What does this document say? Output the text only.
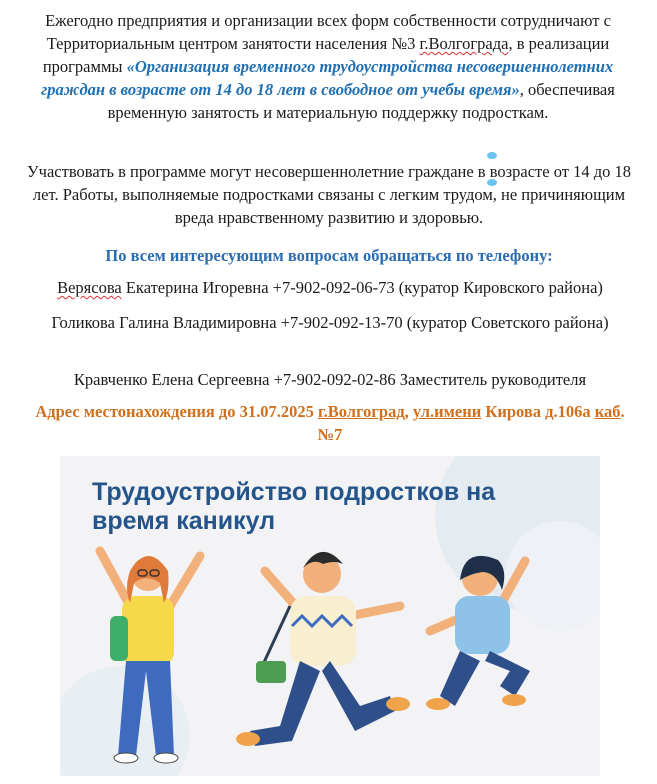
Ежегодно предприятия и организации всех форм собственности сотрудничают с Территориальным центром занятости населения №3 г.Волгограда, в реализации программы «Организация временного трудоустройства несовершеннолетних граждан в возрасте от 14 до 18 лет в свободное от учебы время», обеспечивая временную занятость и материальную поддержку подросткам.

Участвовать в программе могут несовершеннолетние граждане в возрасте от 14 до 18 лет. Работы, выполняемые подростками связаны с легким трудом, не причиняющим вреда нравственному развитию и здоровью.

По всем интересующим вопросам обращаться по телефону:

Верясова Екатерина Игоревна +7-902-092-06-73 (куратор Кировского района)

Голикова Галина Владимировна +7-902-092-13-70 (куратор Советского района)

Кравченко Елена Сергеевна +7-902-092-02-86 Заместитель руководителя

Адрес местонахождения до 31.07.2025 г.Волгоград, ул.имени Кирова д.106а каб. №7

Трудоустройство подростков на время каникул
